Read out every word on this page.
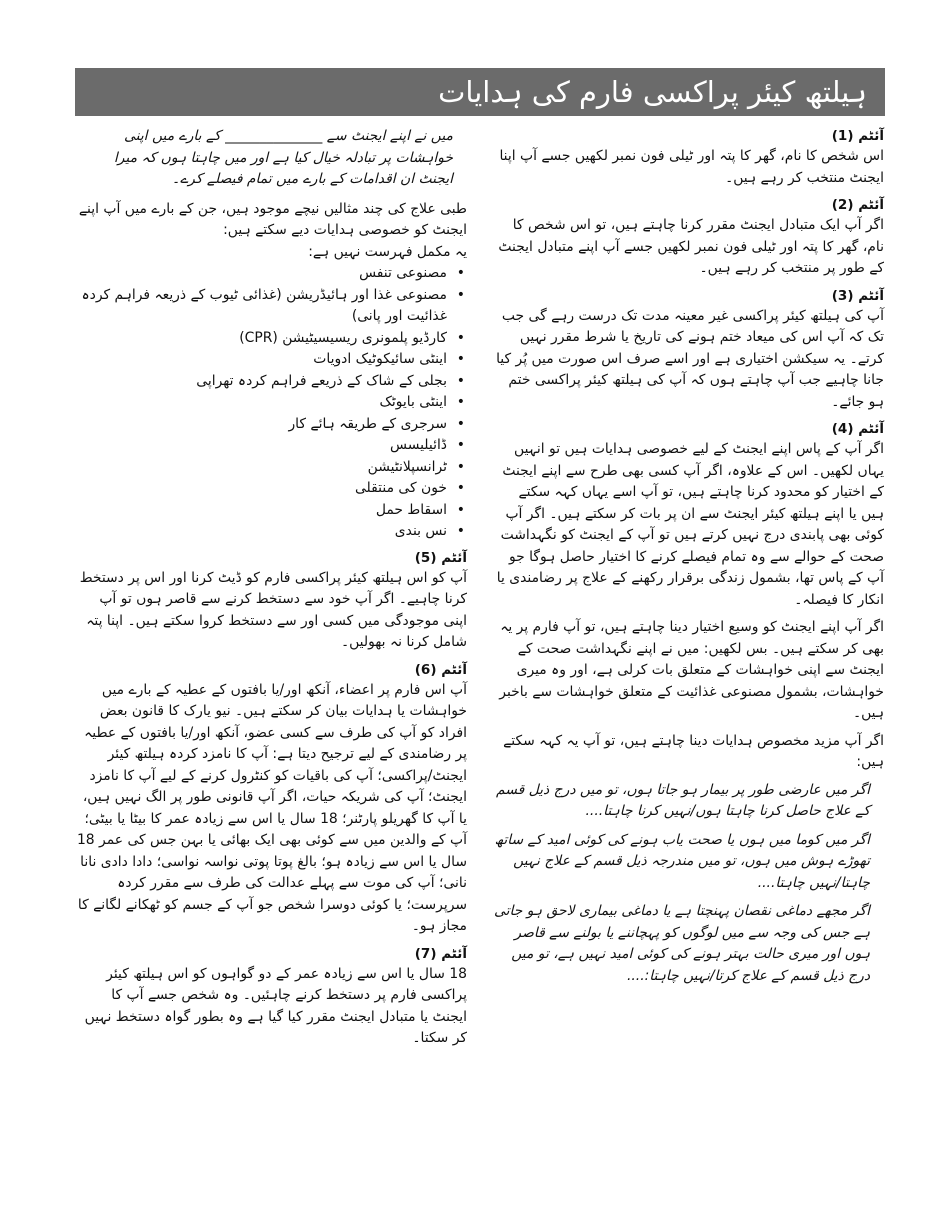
ہیلتھ کیئر پراکسی فارم کی ہدایات
آئٹم (1)

اس شخص کا نام، گھر کا پتہ اور ٹیلی فون نمبر لکھیں جسے آپ اپنا ایجنٹ منتخب کر رہے ہیں۔

آئٹم (2)

اگر آپ ایک متبادل ایجنٹ مقرر کرنا چاہتے ہیں، تو اس شخص کا نام، گھر کا پتہ اور ٹیلی فون نمبر لکھیں جسے آپ اپنے متبادل ایجنٹ کے طور پر منتخب کر رہے ہیں۔

آئٹم (3)

آپ کی ہیلتھ کیئر پراکسی غیر معینہ مدت تک درست رہے گی جب تک کہ آپ اس کی میعاد ختم ہونے کی تاریخ یا شرط مقرر نہیں کرتے۔ یہ سیکشن اختیاری ہے اور اسے صرف اس صورت میں پُر کیا جانا چاہیے جب آپ چاہتے ہوں کہ آپ کی ہیلتھ کیئر پراکسی ختم ہو جائے۔

آئٹم (4)

اگر آپ کے پاس اپنے ایجنٹ کے لیے خصوصی ہدایات ہیں تو انہیں یہاں لکھیں۔ اس کے علاوہ، اگر آپ کسی بھی طرح سے اپنے ایجنٹ کے اختیار کو محدود کرنا چاہتے ہیں، تو آپ اسے یہاں کہہ سکتے ہیں یا اپنے ہیلتھ کیئر ایجنٹ سے ان پر بات کر سکتے ہیں۔ اگر آپ کوئی بھی پابندی درج نہیں کرتے ہیں تو آپ کے ایجنٹ کو نگہداشت صحت کے حوالے سے وہ تمام فیصلے کرنے کا اختیار حاصل ہوگا جو آپ کے پاس تھا، بشمول زندگی برقرار رکھنے کے علاج پر رضامندی یا انکار کا فیصلہ۔

اگر آپ اپنے ایجنٹ کو وسیع اختیار دینا چاہتے ہیں، تو آپ فارم پر یہ بھی کر سکتے ہیں۔ بس لکھیں: میں نے اپنے نگہداشت صحت کے ایجنٹ سے اپنی خواہشات کے متعلق بات کرلی ہے، اور وہ میری خواہشات، بشمول مصنوعی غذائیت کے متعلق خواہشات سے باخبر ہیں۔

اگر آپ مزید مخصوص ہدایات دینا چاہتے ہیں، تو آپ یہ کہہ سکتے ہیں:

اگر میں عارضی طور پر بیمار ہو جاتا ہوں، تو میں درج ذیل قسم کے علاج حاصل کرنا چاہتا ہوں/نہیں کرنا چاہتا....

اگر میں کوما میں ہوں یا صحت یاب ہونے کی کوئی امید کے ساتھ تھوڑے ہوش میں ہوں، تو میں مندرجہ ذیل قسم کے علاج نہیں چاہتا/نہیں چاہتا....

اگر مجھے دماغی نقصان پہنچتا ہے یا دماغی بیماری لاحق ہو جاتی ہے جس کی وجہ سے میں لوگوں کو پہچاننے یا بولنے سے قاصر ہوں اور میری حالت بہتر ہونے کی کوئی امید نہیں ہے، تو میں درج ذیل قسم کے علاج کرتا/نہیں چاہتا:....

میں نے اپنے ایجنٹ سے ______________ کے بارے میں اپنی خواہشات پر تبادلہ خیال کیا ہے اور میں چاہتا ہوں کہ میرا ایجنٹ ان اقدامات کے بارے میں تمام فیصلے کرے۔

طبی علاج کی چند مثالیں نیچے موجود ہیں، جن کے بارے میں آپ اپنے ایجنٹ کو خصوصی ہدایات دیے سکتے ہیں:

یہ مکمل فہرست نہیں ہے:

• مصنوعی تنفس
• مصنوعی غذا اور ہائیڈریشن (غذائی ٹیوب کے ذریعہ فراہم کردہ غذائیت اور پانی)
• کارڈیو پلمونری ریسیسیٹیشن (CPR)
• اینٹی سائیکوٹیک ادویات
• بجلی کے شاک کے ذریعے فراہم کردہ تھراپی
• اینٹی بایوٹک
• سرجری کے طریقہ ہائے کار
• ڈائیلیسس
• ٹرانسپلانٹیشن
• خون کی منتقلی
• اسقاط حمل
• نس بندی
آئٹم (5)

آپ کو اس ہیلتھ کیئر پراکسی فارم کو ڈیٹ کرنا اور اس پر دستخط کرنا چاہیے۔ اگر آپ خود سے دستخط کرنے سے قاصر ہوں تو آپ اپنی موجودگی میں کسی اور سے دستخط کروا سکتے ہیں۔ اپنا پتہ شامل کرنا نہ بھولیں۔

آئٹم (6)

آپ اس فارم پر اعضاء، آنکھ اور/یا بافتوں کے عطیہ کے بارے میں خواہشات یا ہدایات بیان کر سکتے ہیں۔ نیو یارک کا قانون بعض افراد کو آپ کی طرف سے کسی عضو، آنکھ اور/یا بافتوں کے عطیہ پر رضامندی کے لیے ترجیح دیتا ہے: آپ کا نامزد کردہ ہیلتھ کیئر ایجنٹ/پراکسی؛ آپ کی باقیات کو کنٹرول کرنے کے لیے آپ کا نامزد ایجنٹ؛ آپ کی شریکہ حیات، اگر آپ قانونی طور پر الگ نہیں ہیں، یا آپ کا گھریلو پارٹنر؛ 18 سال یا اس سے زیادہ عمر کا بیٹا یا بیٹی؛ آپ کے والدین میں سے کوئی بھی ایک بھائی یا بہن جس کی عمر 18 سال یا اس سے زیادہ ہو؛ بالغ پوتا پوتی نواسہ نواسی؛ دادا دادی نانا نانی؛ آپ کی موت سے پہلے عدالت کی طرف سے مقرر کردہ سرپرست؛ یا کوئی دوسرا شخص جو آپ کے جسم کو ٹھکانے لگانے کا مجاز ہو۔

آئٹم (7)

18 سال یا اس سے زیادہ عمر کے دو گواہوں کو اس ہیلتھ کیئر پراکسی فارم پر دستخط کرنے چاہئیں۔ وہ شخص جسے آپ کا ایجنٹ یا متبادل ایجنٹ مقرر کیا گیا ہے وہ بطور گواہ دستخط نہیں کر سکتا۔
